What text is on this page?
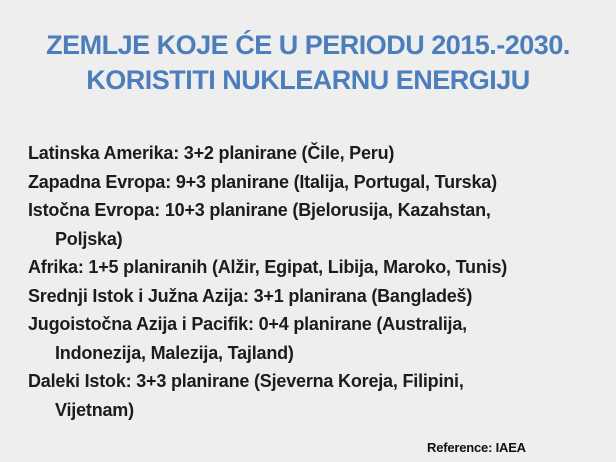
ZEMLJE KOJE ĆE U PERIODU 2015.-2030.
KORISTITI NUKLEARNU ENERGIJU
Latinska Amerika: 3+2 planirane (Čile, Peru)
Zapadna Evropa: 9+3 planirane (Italija, Portugal, Turska)
Istočna Evropa: 10+3 planirane (Bjelorusija, Kazahstan,
Poljska)
Afrika: 1+5 planiranih (Alžir, Egipat, Libija, Maroko, Tunis)
Srednji Istok i Južna Azija: 3+1 planirana (Bangladeš)
Jugoistočna Azija i Pacifik: 0+4 planirane (Australija,
Indonezija, Malezija, Tajland)
Daleki Istok: 3+3 planirane (Sjeverna Koreja, Filipini,
Vijetnam)
Reference: IAEA
